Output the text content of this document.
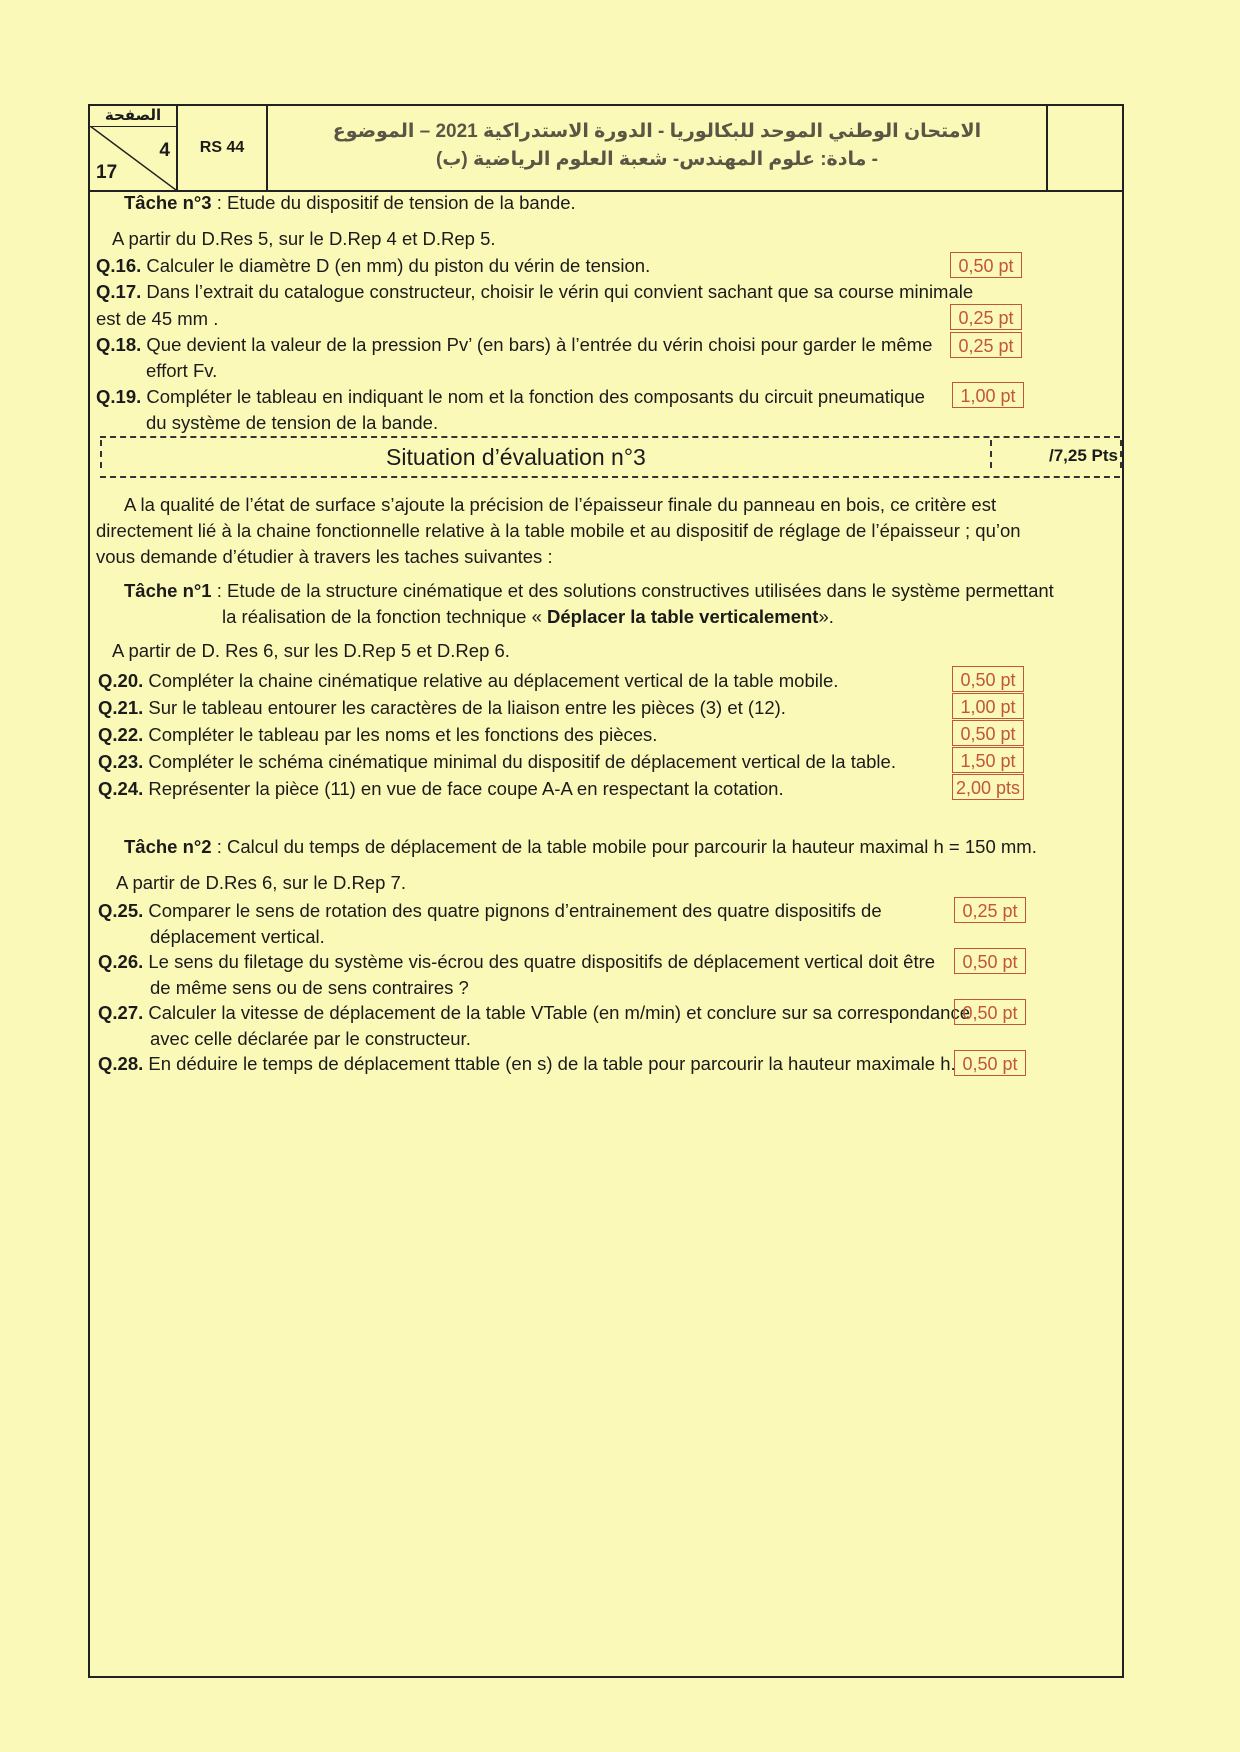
الصفحة
4
17
RS 44
الامتحان الوطني الموحد للبكالوريا - الدورة الاستدراكية 2021 – الموضوع
- مادة: علوم المهندس- شعبة العلوم الرياضية (ب)
Tâche n°3 : Etude du dispositif de tension de la bande.
A partir du D.Res 5, sur le D.Rep 4 et D.Rep 5.
Q.16. Calculer le diamètre D (en mm) du piston du vérin de tension.	0,50 pt
Q.17. Dans l’extrait du catalogue constructeur, choisir le vérin qui convient sachant que sa course minimale
est de 45 mm .	0,25 pt
Q.18. Que devient la valeur de la pression Pv’ (en bars) à l’entrée du vérin choisi pour garder le même
effort Fv.
0,25 pt
Q.19. Compléter le tableau en indiquant le nom et la fonction des composants du circuit pneumatique
du système de tension de la bande.
1,00 pt
Situation d’évaluation n°3	/7,25 Pts
A la qualité de l’état de surface s’ajoute la précision de l’épaisseur finale du panneau en bois, ce critère est
directement lié à la chaine fonctionnelle relative à la table mobile et au dispositif de réglage de l’épaisseur ; qu’on
vous demande d’étudier à travers les taches suivantes :
Tâche n°1 : Etude de la structure cinématique et des solutions constructives utilisées dans le système permettant
la réalisation de la fonction technique « Déplacer la table verticalement».
A partir de D. Res 6, sur les D.Rep 5 et D.Rep 6.
Q.20. Compléter la chaine cinématique relative au déplacement vertical de la table mobile.	0,50 pt
Q.21. Sur le tableau entourer les caractères de la liaison entre les pièces (3) et (12).	1,00 pt
Q.22. Compléter le tableau par les noms et les fonctions des pièces.	0,50 pt
Q.23. Compléter le schéma cinématique minimal du dispositif de déplacement vertical de la table.	1,50 pt
Q.24. Représenter la pièce (11) en vue de face coupe A-A en respectant la cotation.	2,00 pts
Tâche n°2 : Calcul du temps de déplacement de la table mobile pour parcourir la hauteur maximal h = 150 mm.
A partir de D.Res 6, sur le D.Rep 7.
Q.25. Comparer le sens de rotation des quatre pignons d’entrainement des quatre dispositifs de
déplacement vertical.
0,25 pt
Q.26. Le sens du filetage du système vis-écrou des quatre dispositifs de déplacement vertical doit être
de même sens ou de sens contraires ?
0,50 pt
Q.27. Calculer la vitesse de déplacement de la table VTable (en m/min) et conclure sur sa correspondance
avec celle déclarée par le constructeur.
0,50 pt
Q.28. En déduire le temps de déplacement ttable (en s) de la table pour parcourir la hauteur maximale h. 0,50 pt
